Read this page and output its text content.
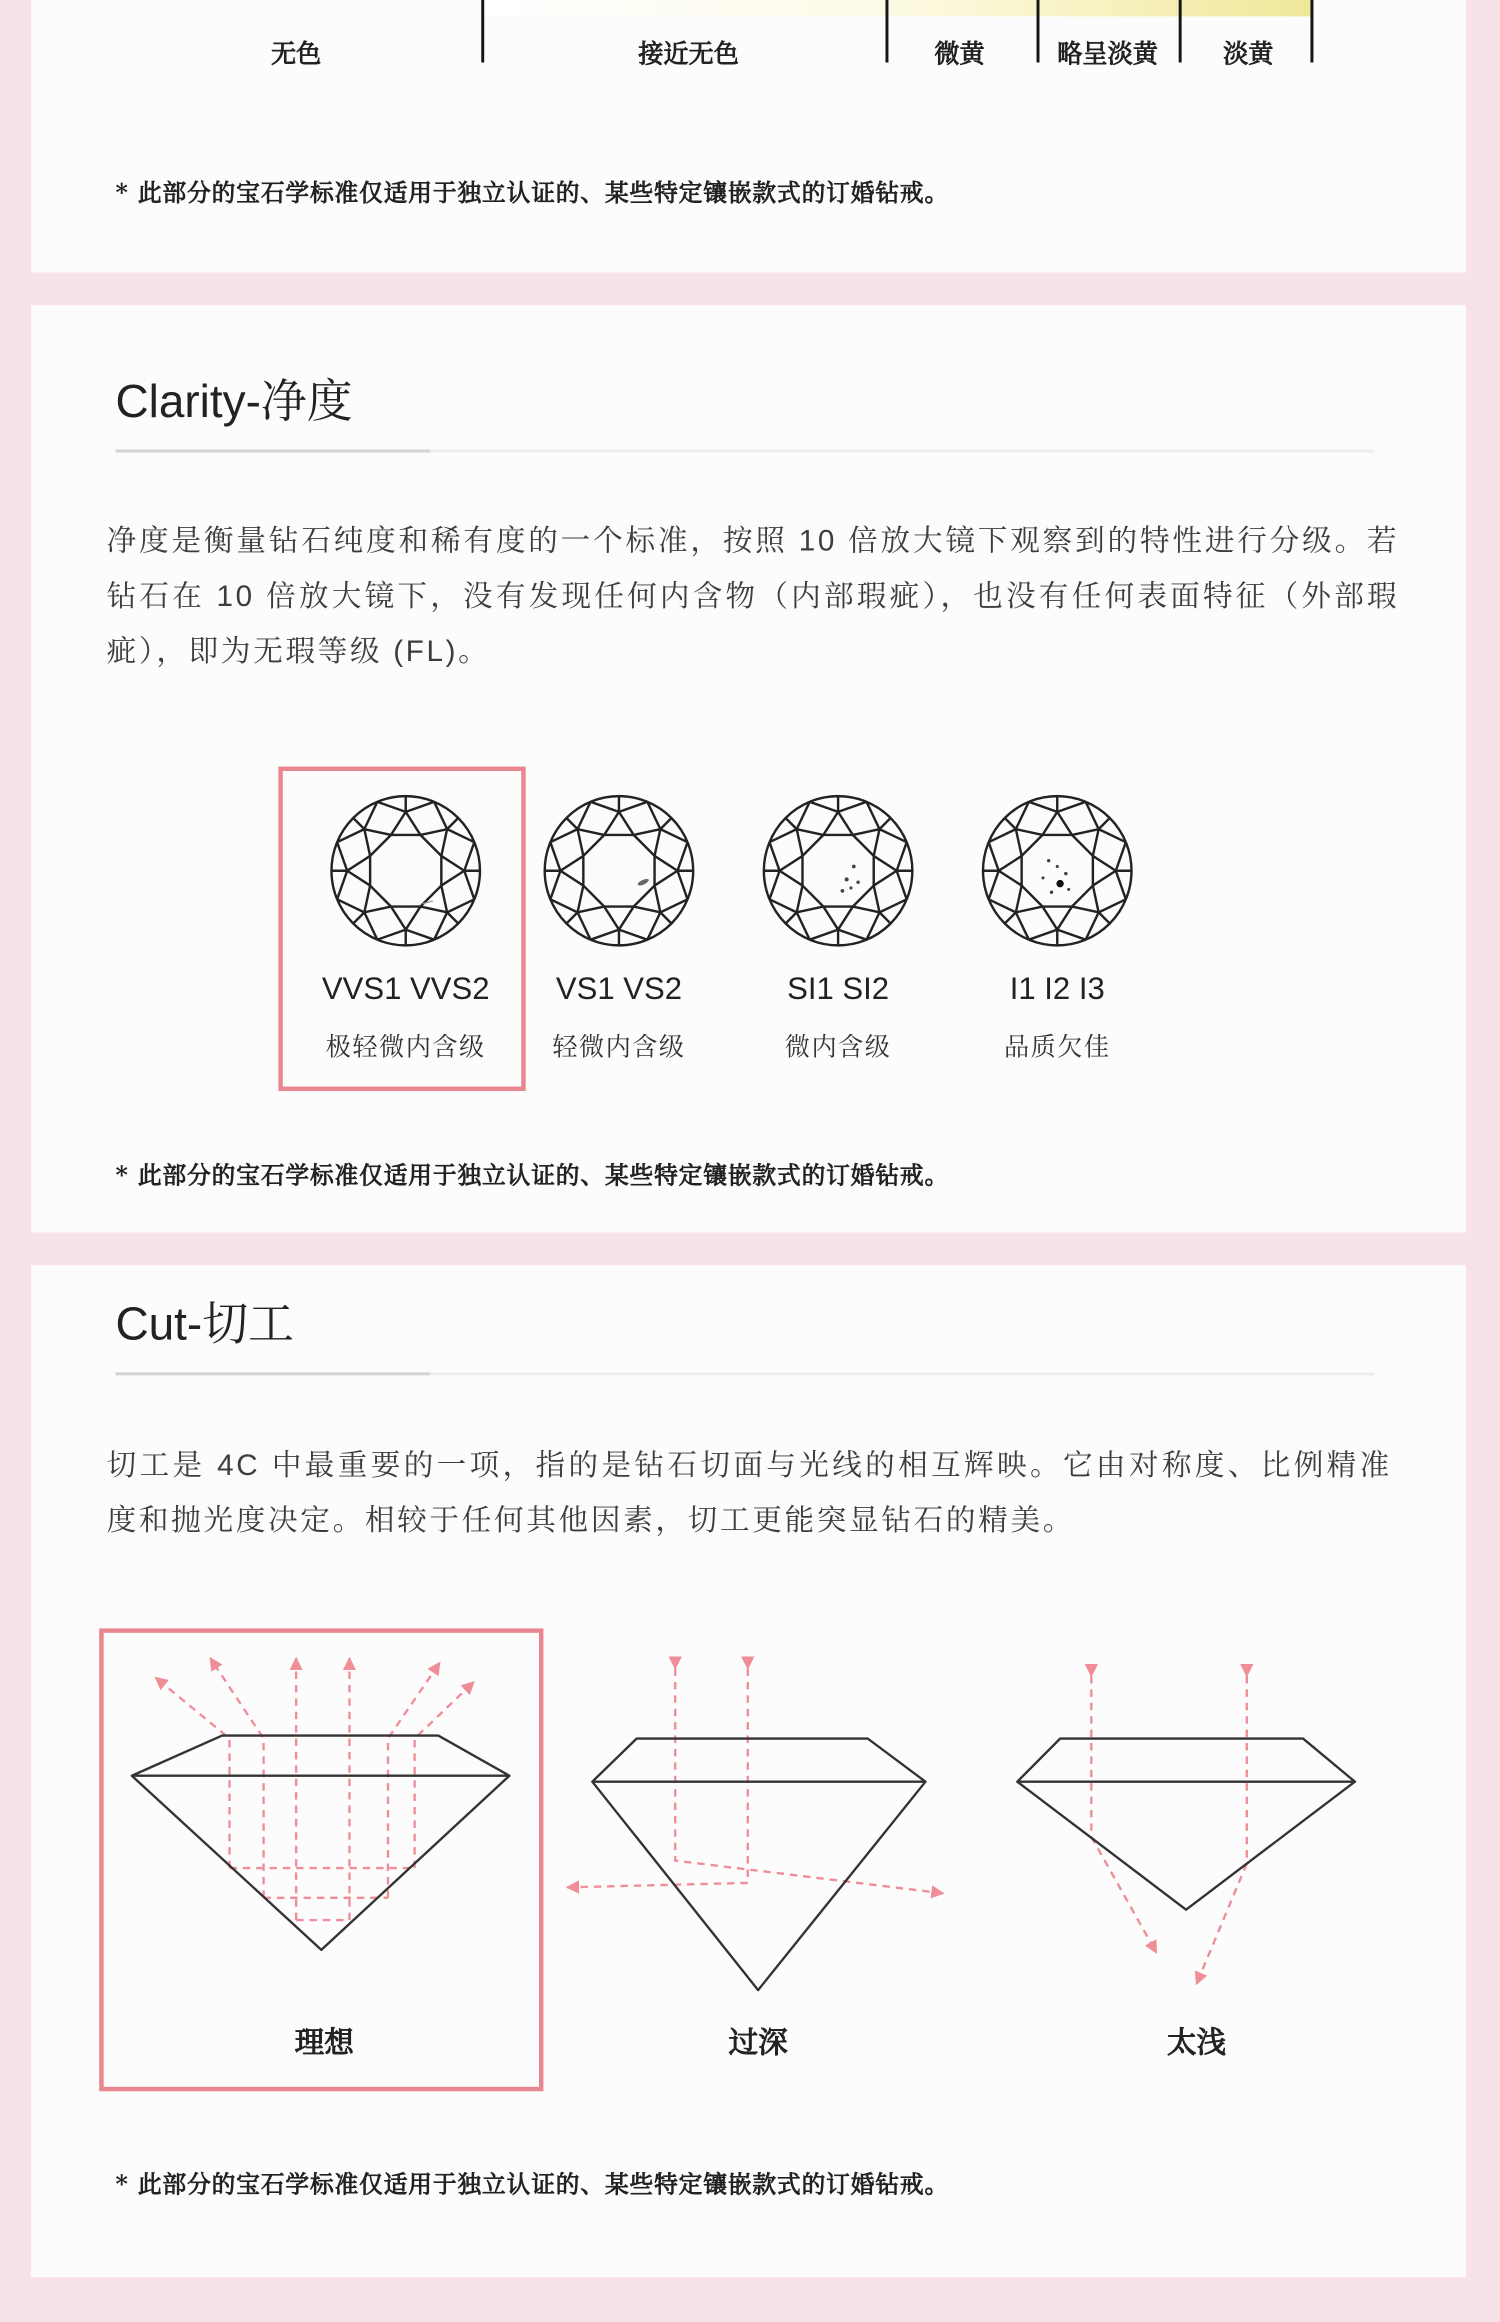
无色	接近无色	微黄	略呈淡黄	淡黄
* 此部分的宝石学标准仅适用于独立认证的、某些特定镶嵌款式的订婚钻戒。
Clarity-净度
净度是衡量钻石纯度和稀有度的一个标准，按照 10 倍放大镜下观察到的特性进行分级。若钻石在 10 倍放大镜下，没有发现任何内含物（内部瑕疵），也没有任何表面特征（外部瑕疵），即为无瑕等级 (FL)。
VVS1 VVS2
极轻微内含级
VS1 VS2
轻微内含级
SI1 SI2
微内含级
I1 I2 I3
品质欠佳
* 此部分的宝石学标准仅适用于独立认证的、某些特定镶嵌款式的订婚钻戒。
Cut-切工
切工是 4C 中最重要的一项，指的是钻石切面与光线的相互辉映。它由对称度、比例精准度和抛光度决定。相较于任何其他因素，切工更能突显钻石的精美。
理想	过深	太浅
* 此部分的宝石学标准仅适用于独立认证的、某些特定镶嵌款式的订婚钻戒。
